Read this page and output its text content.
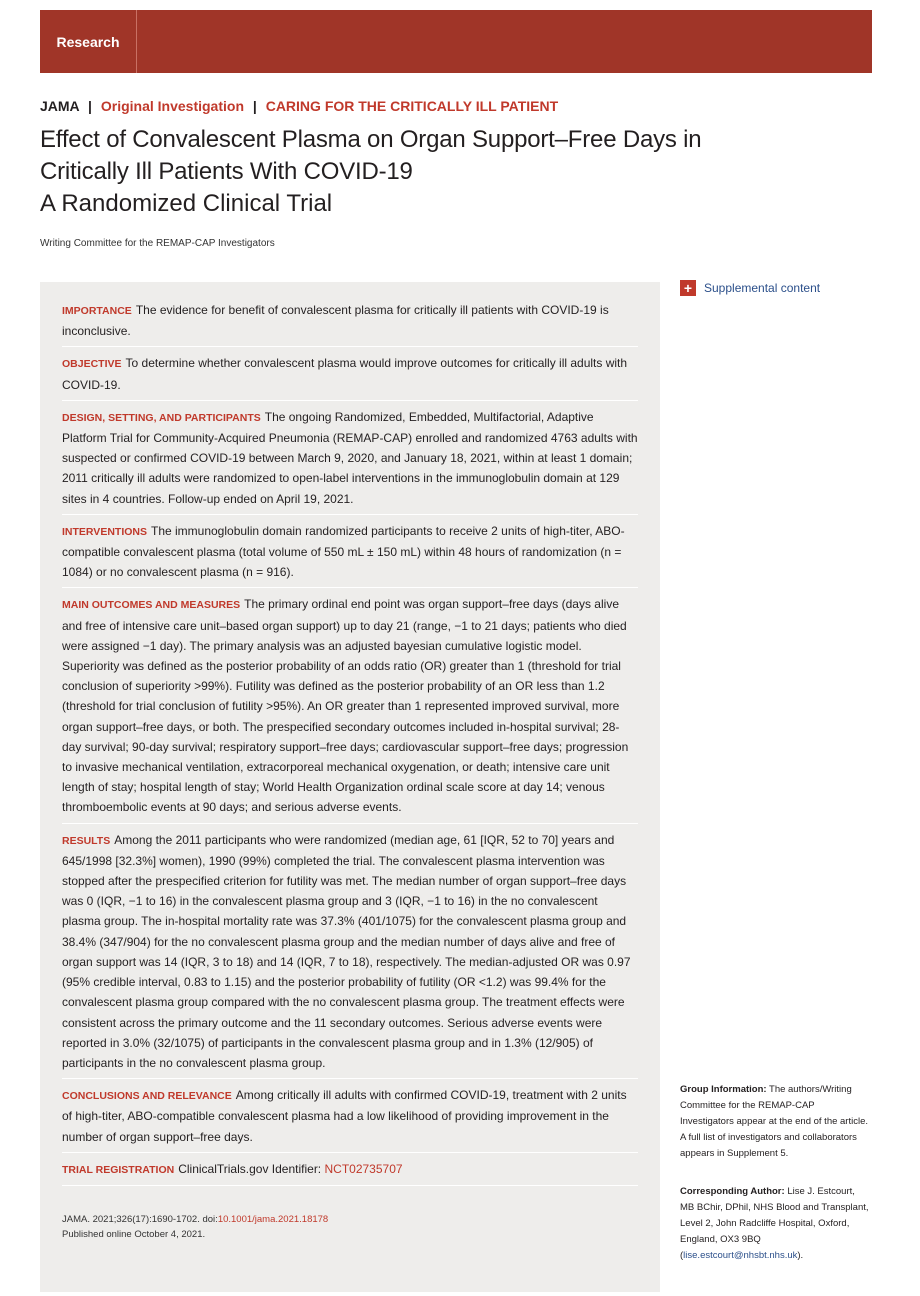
Research
JAMA | Original Investigation | CARING FOR THE CRITICALLY ILL PATIENT
Effect of Convalescent Plasma on Organ Support–Free Days in Critically Ill Patients With COVID-19
A Randomized Clinical Trial
Writing Committee for the REMAP-CAP Investigators
+ Supplemental content
IMPORTANCE The evidence for benefit of convalescent plasma for critically ill patients with COVID-19 is inconclusive.
OBJECTIVE To determine whether convalescent plasma would improve outcomes for critically ill adults with COVID-19.
DESIGN, SETTING, AND PARTICIPANTS The ongoing Randomized, Embedded, Multifactorial, Adaptive Platform Trial for Community-Acquired Pneumonia (REMAP-CAP) enrolled and randomized 4763 adults with suspected or confirmed COVID-19 between March 9, 2020, and January 18, 2021, within at least 1 domain; 2011 critically ill adults were randomized to open-label interventions in the immunoglobulin domain at 129 sites in 4 countries. Follow-up ended on April 19, 2021.
INTERVENTIONS The immunoglobulin domain randomized participants to receive 2 units of high-titer, ABO-compatible convalescent plasma (total volume of 550 mL ± 150 mL) within 48 hours of randomization (n = 1084) or no convalescent plasma (n = 916).
MAIN OUTCOMES AND MEASURES The primary ordinal end point was organ support–free days (days alive and free of intensive care unit–based organ support) up to day 21 (range, −1 to 21 days; patients who died were assigned −1 day). The primary analysis was an adjusted bayesian cumulative logistic model. Superiority was defined as the posterior probability of an odds ratio (OR) greater than 1 (threshold for trial conclusion of superiority >99%). Futility was defined as the posterior probability of an OR less than 1.2 (threshold for trial conclusion of futility >95%). An OR greater than 1 represented improved survival, more organ support–free days, or both. The prespecified secondary outcomes included in-hospital survival; 28-day survival; 90-day survival; respiratory support–free days; cardiovascular support–free days; progression to invasive mechanical ventilation, extracorporeal mechanical oxygenation, or death; intensive care unit length of stay; hospital length of stay; World Health Organization ordinal scale score at day 14; venous thromboembolic events at 90 days; and serious adverse events.
RESULTS Among the 2011 participants who were randomized (median age, 61 [IQR, 52 to 70] years and 645/1998 [32.3%] women), 1990 (99%) completed the trial. The convalescent plasma intervention was stopped after the prespecified criterion for futility was met. The median number of organ support–free days was 0 (IQR, −1 to 16) in the convalescent plasma group and 3 (IQR, −1 to 16) in the no convalescent plasma group. The in-hospital mortality rate was 37.3% (401/1075) for the convalescent plasma group and 38.4% (347/904) for the no convalescent plasma group and the median number of days alive and free of organ support was 14 (IQR, 3 to 18) and 14 (IQR, 7 to 18), respectively. The median-adjusted OR was 0.97 (95% credible interval, 0.83 to 1.15) and the posterior probability of futility (OR <1.2) was 99.4% for the convalescent plasma group compared with the no convalescent plasma group. The treatment effects were consistent across the primary outcome and the 11 secondary outcomes. Serious adverse events were reported in 3.0% (32/1075) of participants in the convalescent plasma group and in 1.3% (12/905) of participants in the no convalescent plasma group.
CONCLUSIONS AND RELEVANCE Among critically ill adults with confirmed COVID-19, treatment with 2 units of high-titer, ABO-compatible convalescent plasma had a low likelihood of providing improvement in the number of organ support–free days.
TRIAL REGISTRATION ClinicalTrials.gov Identifier: NCT02735707
JAMA. 2021;326(17):1690-1702. doi:10.1001/jama.2021.18178
Published online October 4, 2021.
Group Information: The authors/Writing Committee for the REMAP-CAP Investigators appear at the end of the article. A full list of investigators and collaborators appears in Supplement 5.
Corresponding Author: Lise J. Estcourt, MB BChir, DPhil, NHS Blood and Transplant, Level 2, John Radcliffe Hospital, Oxford, England, OX3 9BQ (lise.estcourt@nhsbt.nhs.uk).
